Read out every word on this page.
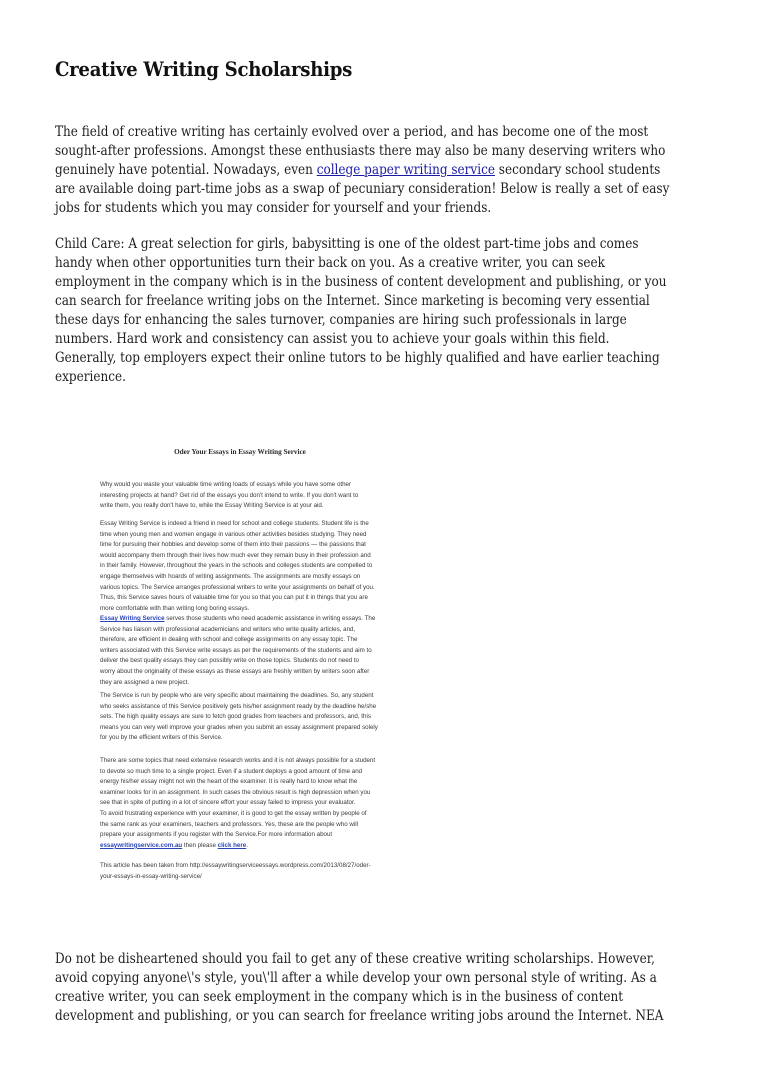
Creative Writing Scholarships

The field of creative writing has certainly evolved over a period, and has become one of the most
sought-after professions. Amongst these enthusiasts there may also be many deserving writers who
genuinely have potential. Nowadays, even college paper writing service secondary school students
are available doing part-time jobs as a swap of pecuniary consideration! Below is really a set of easy
jobs for students which you may consider for yourself and your friends.

Child Care: A great selection for girls, babysitting is one of the oldest part-time jobs and comes
handy when other opportunities turn their back on you. As a creative writer, you can seek
employment in the company which is in the business of content development and publishing, or you
can search for freelance writing jobs on the Internet. Since marketing is becoming very essential
these days for enhancing the sales turnover, companies are hiring such professionals in large
numbers. Hard work and consistency can assist you to achieve your goals within this field.
Generally, top employers expect their online tutors to be highly qualified and have earlier teaching
experience.

Oder Your Essays in Essay Writing Service
Why would you waste your valuable time writing loads of essays while you have some other
interesting projects at hand? Get rid of the essays you don't intend to write. If you don't want to
write them, you really don't have to, while the Essay Writing Service is at your aid.
Essay Writing Service is indeed a friend in need for school and college students. Student life is the
time when young men and women engage in various other activities besides studying. They need
time for pursuing their hobbies and develop some of them into their passions — the passions that
would accompany them through their lives how much ever they remain busy in their profession and
in their family. However, throughout the years in the schools and colleges students are compelled to
engage themselves with hoards of writing assignments. The assignments are mostly essays on
various topics. The Service arranges professional writers to write your assignments on behalf of you.
Thus, this Service saves hours of valuable time for you so that you can put it in things that you are
more comfortable with than writing long boring essays.
Essay Writing Service serves those students who need academic assistance in writing essays. The
Service has liaison with professional academicians and writers who write quality articles, and,
therefore, are efficient in dealing with school and college assignments on any essay topic. The
writers associated with this Service write essays as per the requirements of the students and aim to
deliver the best quality essays they can possibly write on those topics. Students do not need to
worry about the originality of these essays as these essays are freshly written by writers soon after
they are assigned a new project.
The Service is run by people who are very specific about maintaining the deadlines. So, any student
who seeks assistance of this Service positively gets his/her assignment ready by the deadline he/she
sets. The high quality essays are sure to fetch good grades from teachers and professors, and, this
means you can very well improve your grades when you submit an essay assignment prepared solely
for you by the efficient writers of this Service.
There are some topics that need extensive research works and it is not always possible for a student
to devote so much time to a single project. Even if a student deploys a good amount of time and
energy his/her essay might not win the heart of the examiner. It is really hard to know what the
examiner looks for in an assignment. In such cases the obvious result is high depression when you
see that in spite of putting in a lot of sincere effort your essay failed to impress your evaluator.
To avoid frustrating experience with your examiner, it is good to get the essay written by people of
the same rank as your examiners, teachers and professors. Yes, these are the people who will
prepare your assignments if you register with the Service.For more information about
essaywritingservice.com.au then please click here.
This article has been taken from http://essaywritingserviceessays.wordpress.com/2013/08/27/oder-
your-essays-in-essay-writing-service/

Do not be disheartened should you fail to get any of these creative writing scholarships. However,
avoid copying anyone\'s style, you\'ll after a while develop your own personal style of writing. As a
creative writer, you can seek employment in the company which is in the business of content
development and publishing, or you can search for freelance writing jobs around the Internet. NEA
